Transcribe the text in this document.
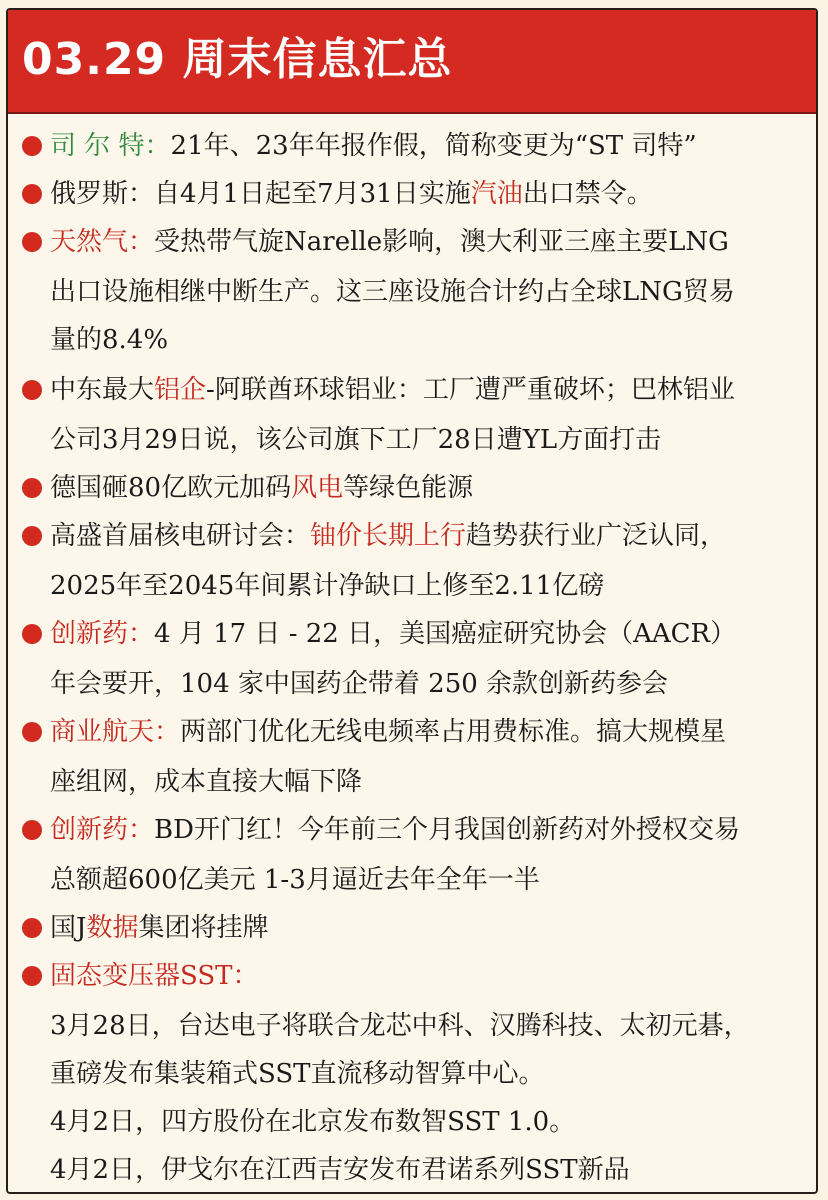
03.29 周末信息汇总
司 尔 特：21年、23年年报作假，简称变更为“ST 司特”
俄罗斯：自4月1日起至7月31日实施汽油出口禁令。
天然气：受热带气旋Narelle影响，澳大利亚三座主要LNG
出口设施相继中断生产。这三座设施合计约占全球LNG贸易
量的8.4%
中东最大铝企-阿联酋环球铝业：工厂遭严重破坏；巴林铝业
公司3月29日说，该公司旗下工厂28日遭YL方面打击
德国砸80亿欧元加码风电等绿色能源
高盛首届核电研讨会：铀价长期上行趋势获行业广泛认同，
2025年至2045年间累计净缺口上修至2.11亿磅
创新药：4 月 17 日 - 22 日，美国癌症研究协会（AACR）
年会要开，104 家中国药企带着 250 余款创新药参会
商业航天：两部门优化无线电频率占用费标准。搞大规模星
座组网，成本直接大幅下降
创新药：BD开门红！今年前三个月我国创新药对外授权交易
总额超600亿美元 1-3月逼近去年全年一半
国J数据集团将挂牌
固态变压器SST：
3月28日，台达电子将联合龙芯中科、汉腾科技、太初元碁，
重磅发布集装箱式SST直流移动智算中心。
4月2日，四方股份在北京发布数智SST 1.0。
4月2日，伊戈尔在江西吉安发布君诺系列SST新品
